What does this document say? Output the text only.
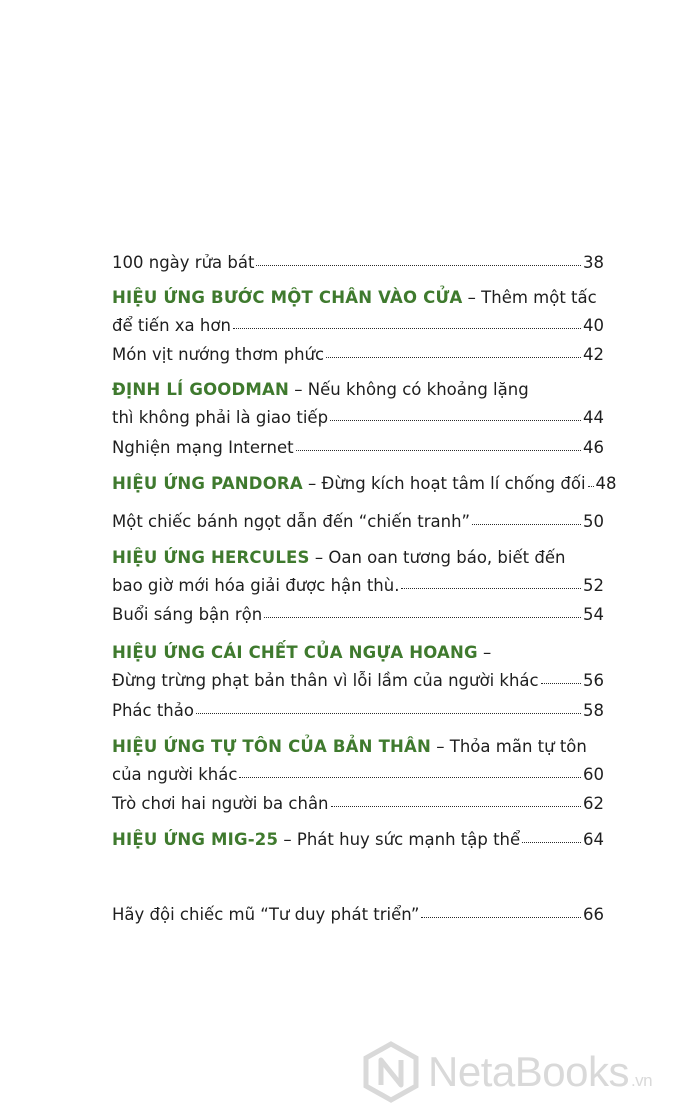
100 ngày rửa bát	38
HIỆU ỨNG BƯỚC MỘT CHÂN VÀO CỬA – Thêm một tấc
để tiến xa hơn	40
Món vịt nướng thơm phức	42
ĐỊNH LÍ GOODMAN – Nếu không có khoảng lặng
thì không phải là giao tiếp	44
Nghiện mạng Internet	46
HIỆU ỨNG PANDORA – Đừng kích hoạt tâm lí chống đối 48
Một chiếc bánh ngọt dẫn đến “chiến tranh”	50
HIỆU ỨNG HERCULES – Oan oan tương báo, biết đến
bao giờ mới hóa giải được hận thù.	52
Buổi sáng bận rộn	54
HIỆU ỨNG CÁI CHẾT CỦA NGỰA HOANG –
Đừng trừng phạt bản thân vì lỗi lầm của người khác	56
Phác thảo	58
HIỆU ỨNG TỰ TÔN CỦA BẢN THÂN – Thỏa mãn tự tôn
của người khác	60
Trò chơi hai người ba chân	62
HIỆU ỨNG MIG-25 – Phát huy sức mạnh tập thể	64
Hãy đội chiếc mũ “Tư duy phát triển”	66
NetaBooks .vn
